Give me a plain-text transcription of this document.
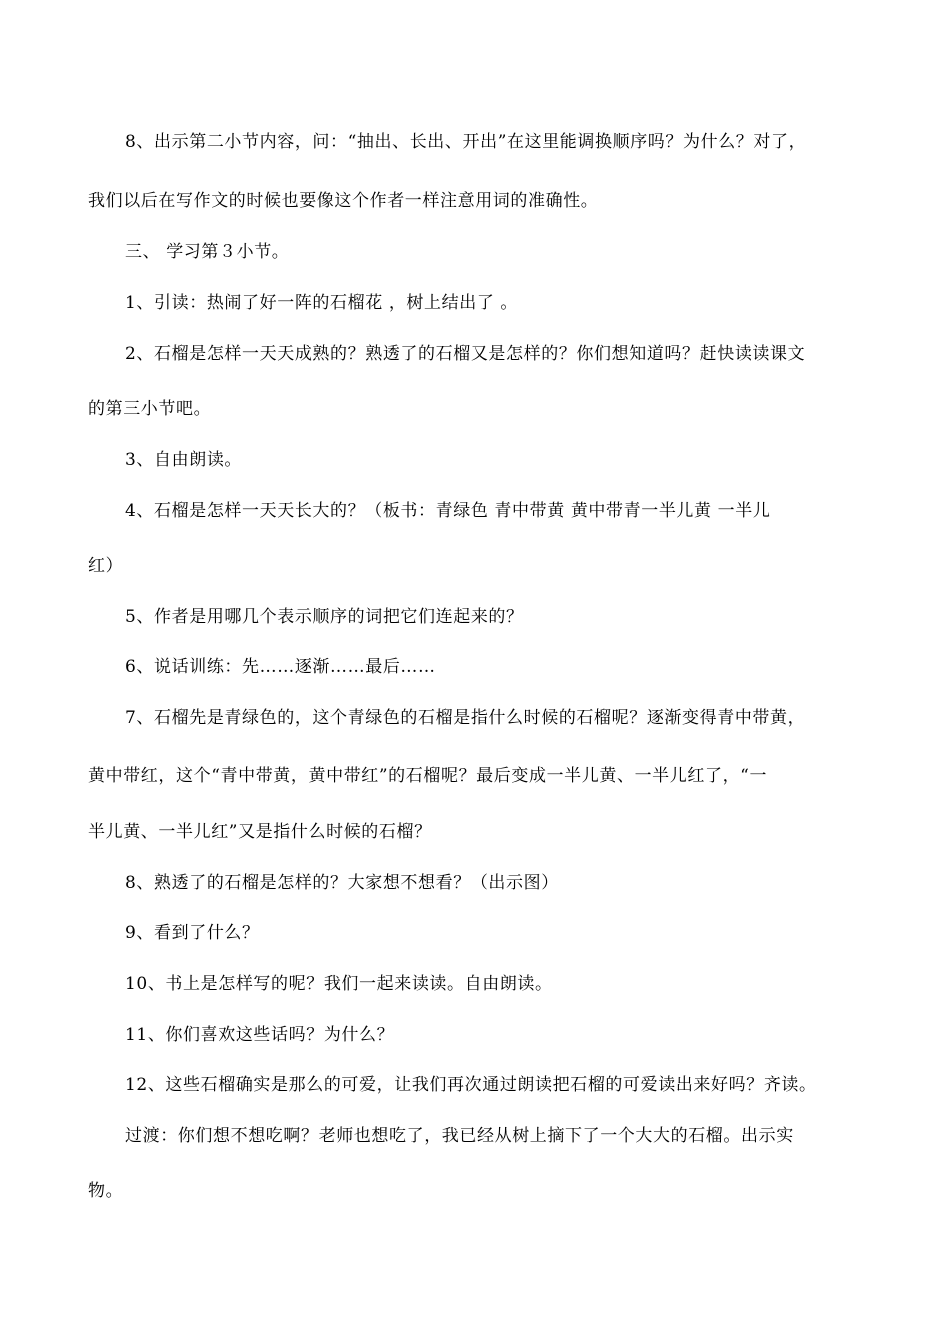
8、出示第二小节内容，问：“抽出、长出、开出”在这里能调换顺序吗？为什么？对了，
我们以后在写作文的时候也要像这个作者一样注意用词的准确性。
三、 学习第３小节。
1、引读：热闹了好一阵的石榴花 ，树上结出了 。
2、石榴是怎样一天天成熟的？熟透了的石榴又是怎样的？你们想知道吗？赶快读读课文
的第三小节吧。
3、自由朗读。
4、石榴是怎样一天天长大的？（板书：青绿色 青中带黄 黄中带青一半儿黄 一半儿
红）
5、作者是用哪几个表示顺序的词把它们连起来的？
6、说话训练：先……逐渐……最后……
7、石榴先是青绿色的，这个青绿色的石榴是指什么时候的石榴呢？逐渐变得青中带黄，
黄中带红，这个“青中带黄，黄中带红”的石榴呢？最后变成一半儿黄、一半儿红了，“一
半儿黄、一半儿红”又是指什么时候的石榴？
8、熟透了的石榴是怎样的？大家想不想看？（出示图）
9、看到了什么？
10、书上是怎样写的呢？我们一起来读读。自由朗读。
11、你们喜欢这些话吗？为什么？
12、这些石榴确实是那么的可爱，让我们再次通过朗读把石榴的可爱读出来好吗？齐读。
过渡：你们想不想吃啊？老师也想吃了，我已经从树上摘下了一个大大的石榴。出示实
物。
